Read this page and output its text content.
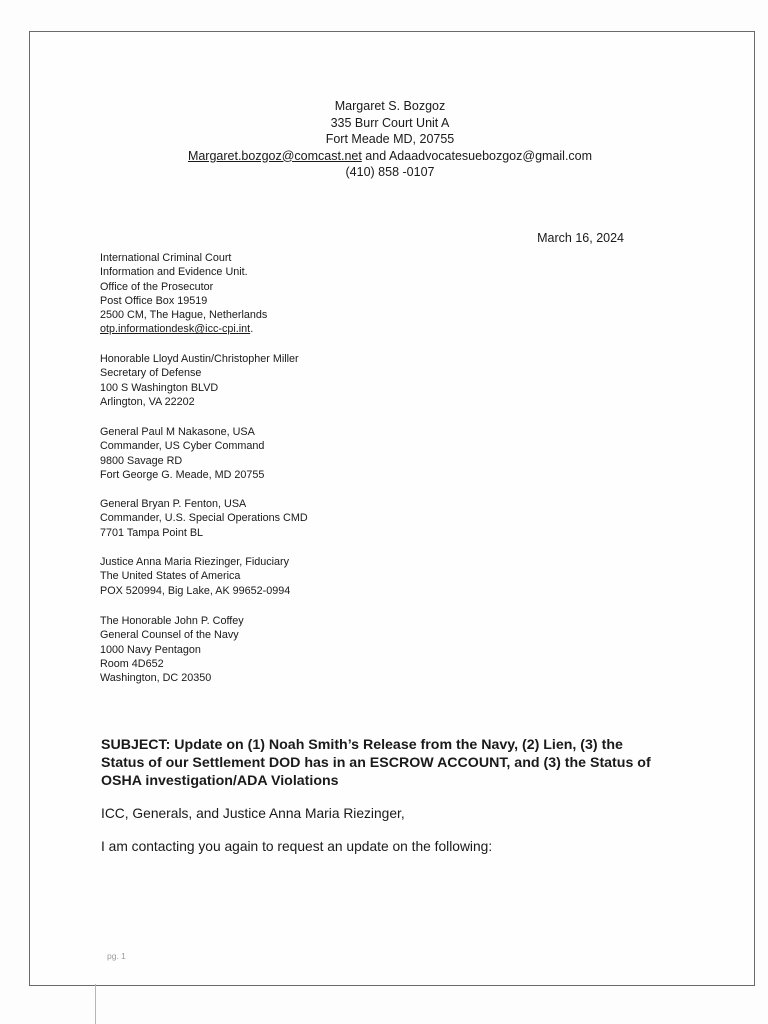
Margaret S. Bozgoz
335 Burr Court Unit A
Fort Meade MD, 20755
Margaret.bozgoz@comcast.net and Adaadvocatesuebozgoz@gmail.com
(410) 858 -0107
March 16, 2024
International Criminal Court
Information and Evidence Unit.
Office of the Prosecutor
Post Office Box 19519
2500 CM, The Hague, Netherlands
otp.informationdesk@icc-cpi.int.
Honorable Lloyd Austin/Christopher Miller
Secretary of Defense
100 S Washington BLVD
Arlington, VA 22202
General Paul M Nakasone, USA
Commander, US Cyber Command
9800 Savage RD
Fort George G. Meade, MD 20755
General Bryan P. Fenton, USA
Commander, U.S. Special Operations CMD
7701 Tampa Point BL
Justice Anna Maria Riezinger, Fiduciary
The United States of America
POX 520994, Big Lake, AK 99652-0994
The Honorable John P. Coffey
General Counsel of the Navy
1000 Navy Pentagon
Room 4D652
Washington, DC 20350
SUBJECT: Update on (1) Noah Smith’s Release from the Navy, (2) Lien, (3) the Status of our Settlement DOD has in an ESCROW ACCOUNT, and (3) the Status of OSHA investigation/ADA Violations
ICC, Generals, and Justice Anna Maria Riezinger,
I am contacting you again to request an update on the following:
pg. 1
